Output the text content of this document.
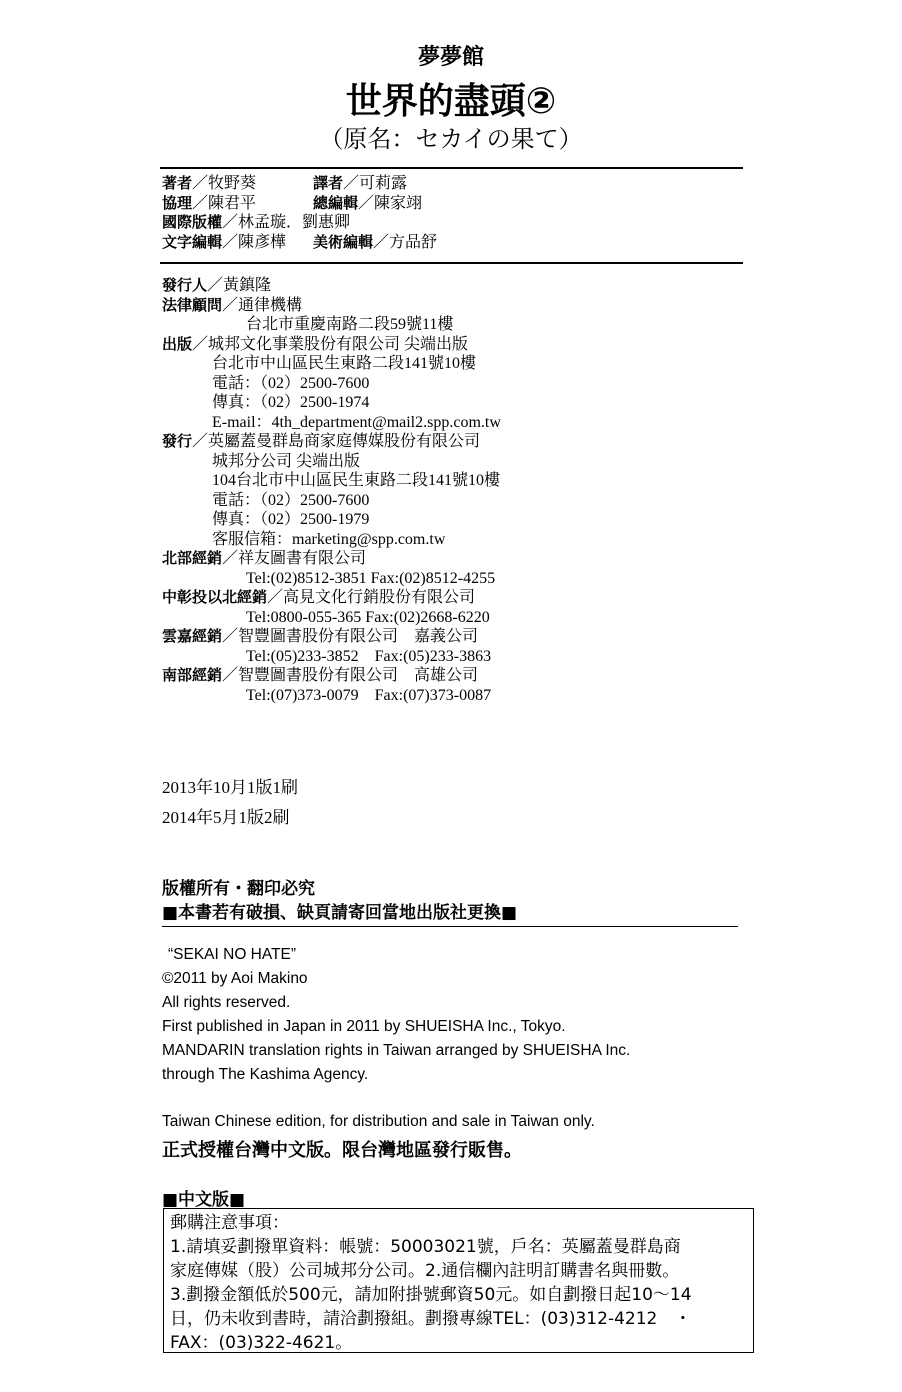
夢夢館
世界的盡頭②
（原名：セカイの果て）
著者／牧野葵	譯者／可莉露
協理／陳君平	總編輯／陳家翊
國際版權／林孟璇．劉惠卿
文字編輯／陳彥樺 美術編輯／方品舒
發行人／黃鎮隆
法律顧問／通律機構
台北市重慶南路二段59號11樓
出版／城邦文化事業股份有限公司 尖端出版
台北市中山區民生東路二段141號10樓
電話：（02）2500-7600
傳真：（02）2500-1974
E-mail：4th_department@mail2.spp.com.tw
發行／英屬蓋曼群島商家庭傳媒股份有限公司
城邦分公司 尖端出版
104台北市中山區民生東路二段141號10樓
電話：（02）2500-7600
傳真：（02）2500-1979
客服信箱：marketing@spp.com.tw
北部經銷／祥友圖書有限公司
Tel:(02)8512-3851 Fax:(02)8512-4255
中彰投以北經銷／高見文化行銷股份有限公司
Tel:0800-055-365 Fax:(02)2668-6220
雲嘉經銷／智豐圖書股份有限公司　嘉義公司
Tel:(05)233-3852　Fax:(05)233-3863
南部經銷／智豐圖書股份有限公司　高雄公司
Tel:(07)373-0079　Fax:(07)373-0087
2013年10月1版1刷
2014年5月1版2刷
版權所有・翻印必究
■本書若有破損、缺頁請寄回當地出版社更換■
“SEKAI NO HATE”
©2011 by Aoi Makino
All rights reserved.
First published in Japan in 2011 by SHUEISHA Inc., Tokyo.
MANDARIN translation rights in Taiwan arranged by SHUEISHA Inc.
through The Kashima Agency.
Taiwan Chinese edition, for distribution and sale in Taiwan only.
正式授權台灣中文版。限台灣地區發行販售。
■中文版■
郵購注意事項：
1.請填妥劃撥單資料：帳號：50003021號，戶名：英屬蓋曼群島商
家庭傳媒（股）公司城邦分公司。2.通信欄內註明訂購書名與冊數。
3.劃撥金額低於500元，請加附掛號郵資50元。如自劃撥日起10～14
日，仍未收到書時，請洽劃撥組。劃撥專線TEL：(03)312-4212　・
FAX：(03)322-4621。
